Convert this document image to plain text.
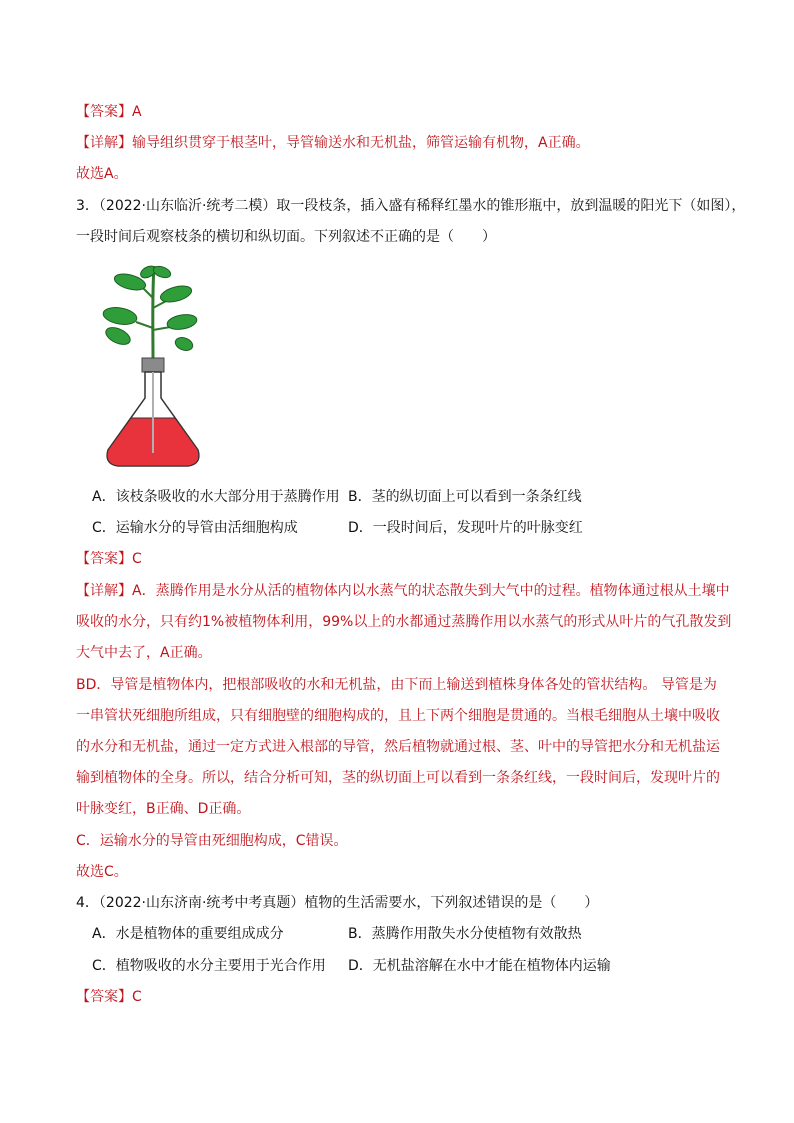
【答案】A
【详解】输导组织贯穿于根茎叶，导管输送水和无机盐，筛管运输有机物，A正确。
故选A。
3．（2022·山东临沂·统考二模）取一段枝条，插入盛有稀释红墨水的锥形瓶中，放到温暖的阳光下（如图），
一段时间后观察枝条的横切和纵切面。下列叙述不正确的是（　　）
A．该枝条吸收的水大部分用于蒸腾作用 B．茎的纵切面上可以看到一条条红线
C．运输水分的导管由活细胞构成	D．一段时间后，发现叶片的叶脉变红
【答案】C
【详解】A．蒸腾作用是水分从活的植物体内以水蒸气的状态散失到大气中的过程。植物体通过根从土壤中
吸收的水分，只有约1%被植物体利用，99%以上的水都通过蒸腾作用以水蒸气的形式从叶片的气孔散发到
大气中去了，A正确。
BD．导管是植物体内，把根部吸收的水和无机盐，由下而上输送到植株身体各处的管状结构。 导管是为
一串管状死细胞所组成，只有细胞壁的细胞构成的，且上下两个细胞是贯通的。当根毛细胞从土壤中吸收
的水分和无机盐，通过一定方式进入根部的导管，然后植物就通过根、茎、叶中的导管把水分和无机盐运
输到植物体的全身。所以，结合分析可知，茎的纵切面上可以看到一条条红线，一段时间后，发现叶片的
叶脉变红，B正确、D正确。
C．运输水分的导管由死细胞构成，C错误。
故选C。
4．（2022·山东济南·统考中考真题）植物的生活需要水，下列叙述错误的是（　　）
A．水是植物体的重要组成成分	B．蒸腾作用散失水分使植物有效散热
C．植物吸收的水分主要用于光合作用 D．无机盐溶解在水中才能在植物体内运输
【答案】C
